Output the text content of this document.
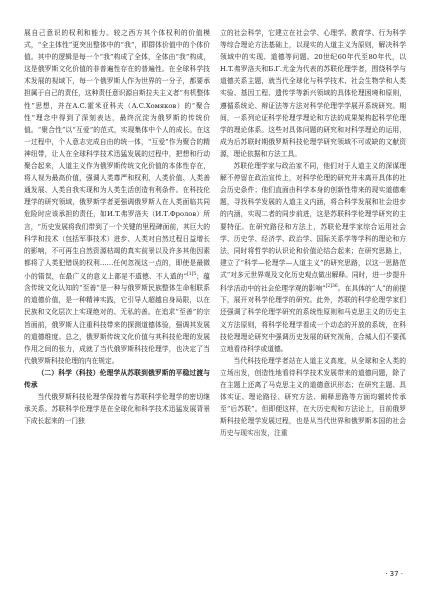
展自己意识的权利和能力。较之西方其个体权利的价值模式，“全主体性”更突出整体中的“我”，即群体价值中的个体价值。其中的逻辑是每一个“我”构成了全体，全体由“我”构成，这是俄罗斯文化价值的非普遍性存在的普遍性。在全球科学技术发展的视域下，每一个俄罗斯人作为世界的一分子，都要承担属于自己的责任，这种责任意识源自斯拉夫主义者“有机整体性”思想，并在A.C.霍米亚科夫（A.C.Хомяков）的“聚合性”理念中得到了深刻表达，最终沉淀为俄罗斯的传统价值。“聚合性”以“互爱”的范式，实现集体中个人的成长。在这一过程中，个人意志完成自由的统一体，“互爱”作为聚合的精神纽带，让人在全球科学技术迅猛发展的过程中，把想和行动聚合起来，人道主义作为俄罗斯传统文化价值的本体性存在，将人视为最高价值，强调人类尊严和权利，人类价值、人类善通发展、人类自我实现和为人类生活创造有利条件。在科技伦理学的研究领域，俄罗斯学者更强调俄罗斯人在人类面临共同危险时应该承担的责任，如И.T.弗罗洛夫（И.Т.Фролов）所言，“历史发展将我们带到了一个关键的里程碑面前，其巨大的科学和技术（包括军事技术）进步、人类对自然过程日益增长的影响，不可再生自然资源枯竭的真实前景以及许多其他因素都将了人类犯错误的权利……任何忽视这一点的，即使是最微小的错误，在最广义的意义上都是不道德、不人道的”$^{[1]5}$；蕴含传统文化认知的“至善”是一种与俄罗斯民族整体生命相联系的道德价值，是一种精神实践，它引导人超越自身局限，以在民族和文化层次上实现绝对的、无私的善。在追求“至善”的宗旨面前，俄罗斯人注重科技带来的探测道德体验，强调其发展的道德维度。总之，俄罗斯传统文化价值与其科技伦理的发展作用之间的张力，成就了当代俄罗斯科技伦理学，也决定了当代俄罗斯科技伦理的内在规定。

（二）科学（科技）伦理学从苏联到俄罗斯的平稳过渡与传承

当代俄罗斯科技伦理学保持着与苏联科学伦理学的密切继承关系。苏联科学伦理学是在全球化和科学技术迅猛发展背景下成长起来的一门独

立的社会科学，它建立在社会学、心理学、教育学、行为科学等综合理论方法基础上，以现实的人道主义为原则，解决科学领域中的实现、道德等问题。20世纪60年代至80年代，以H.T.弗罗洛夫和Б.Г.尤金为代表的苏联伦理学者，围绕科学与道德关系主题，就当代全球化与科学技术、社会生物学和人类实验、基因工程、遗传学等新兴领域的具体伦理困境和原则，遵循系统论、辩证法等方法对科学伦理学学展开系统研究。期间，一系列论证科学伦理学理论和方法的成果架构起科学伦理学的理论体系。这些对具体问题的研究和对科学理论的运用，成为后苏联时期俄罗斯科技伦理学研究领域不可或缺的文献资源，理论依据和方法工具。

苏联伦理学家与政治家不同，他们对于人道主义的深谋理解不停留在政治宣传上，对科学伦理的研究并未离开具体的社会历史条件；他们直面由科学本身的创新性带来的现实道德难题，寻找科学发展的人道主义内涵，将合科学发展和社会进步的内涵，实现二者的同步前进，这是苏联科学伦理学研究的主要特征。在研究路径和方法上，苏联伦理学家综合运用社会学、历史学、经济学、政治学、国际关系学等学科的理论和方法，同时将哲学的认识论和价值论结合起来；在研究思路上，建立了“科学—伦理学—人道主义”的研究思路，以这一思路范式“对多元世界观及文化历史观点做出解释。同时，进一步提升科学活动中的社会伦理学观的影响”$^{[2]36}$。在具体的“人”的前提下，展开对科学伦理学的研究。此外，苏联的科学伦理学家们还强调了科学伦理学研究的系统性原则和马克思主义的历史主义方法原则，将科学伦理学看成一个动态的开放的系统，在科技伦理理论研究中强调历史发展的研究视角，合城人们不要孤立地看待科学或道德。

当代科技伦理学者站在人道主义高度，从全球和全人类的立场出发，创造性地看待科学技术发展带来的道德问题，除了在主题上还离了马克思主义的道德意识形态；在研究主题、具体实证、理论路径、研究方法、阐释思路等方面均辗转传承至“后苏联”。但即便这样，在大历史观和方法论上，目前俄罗斯科技伦理学发展过程，也是从当代世界和俄罗斯本国的社会历史与现实出发，注重

· 37 ·
